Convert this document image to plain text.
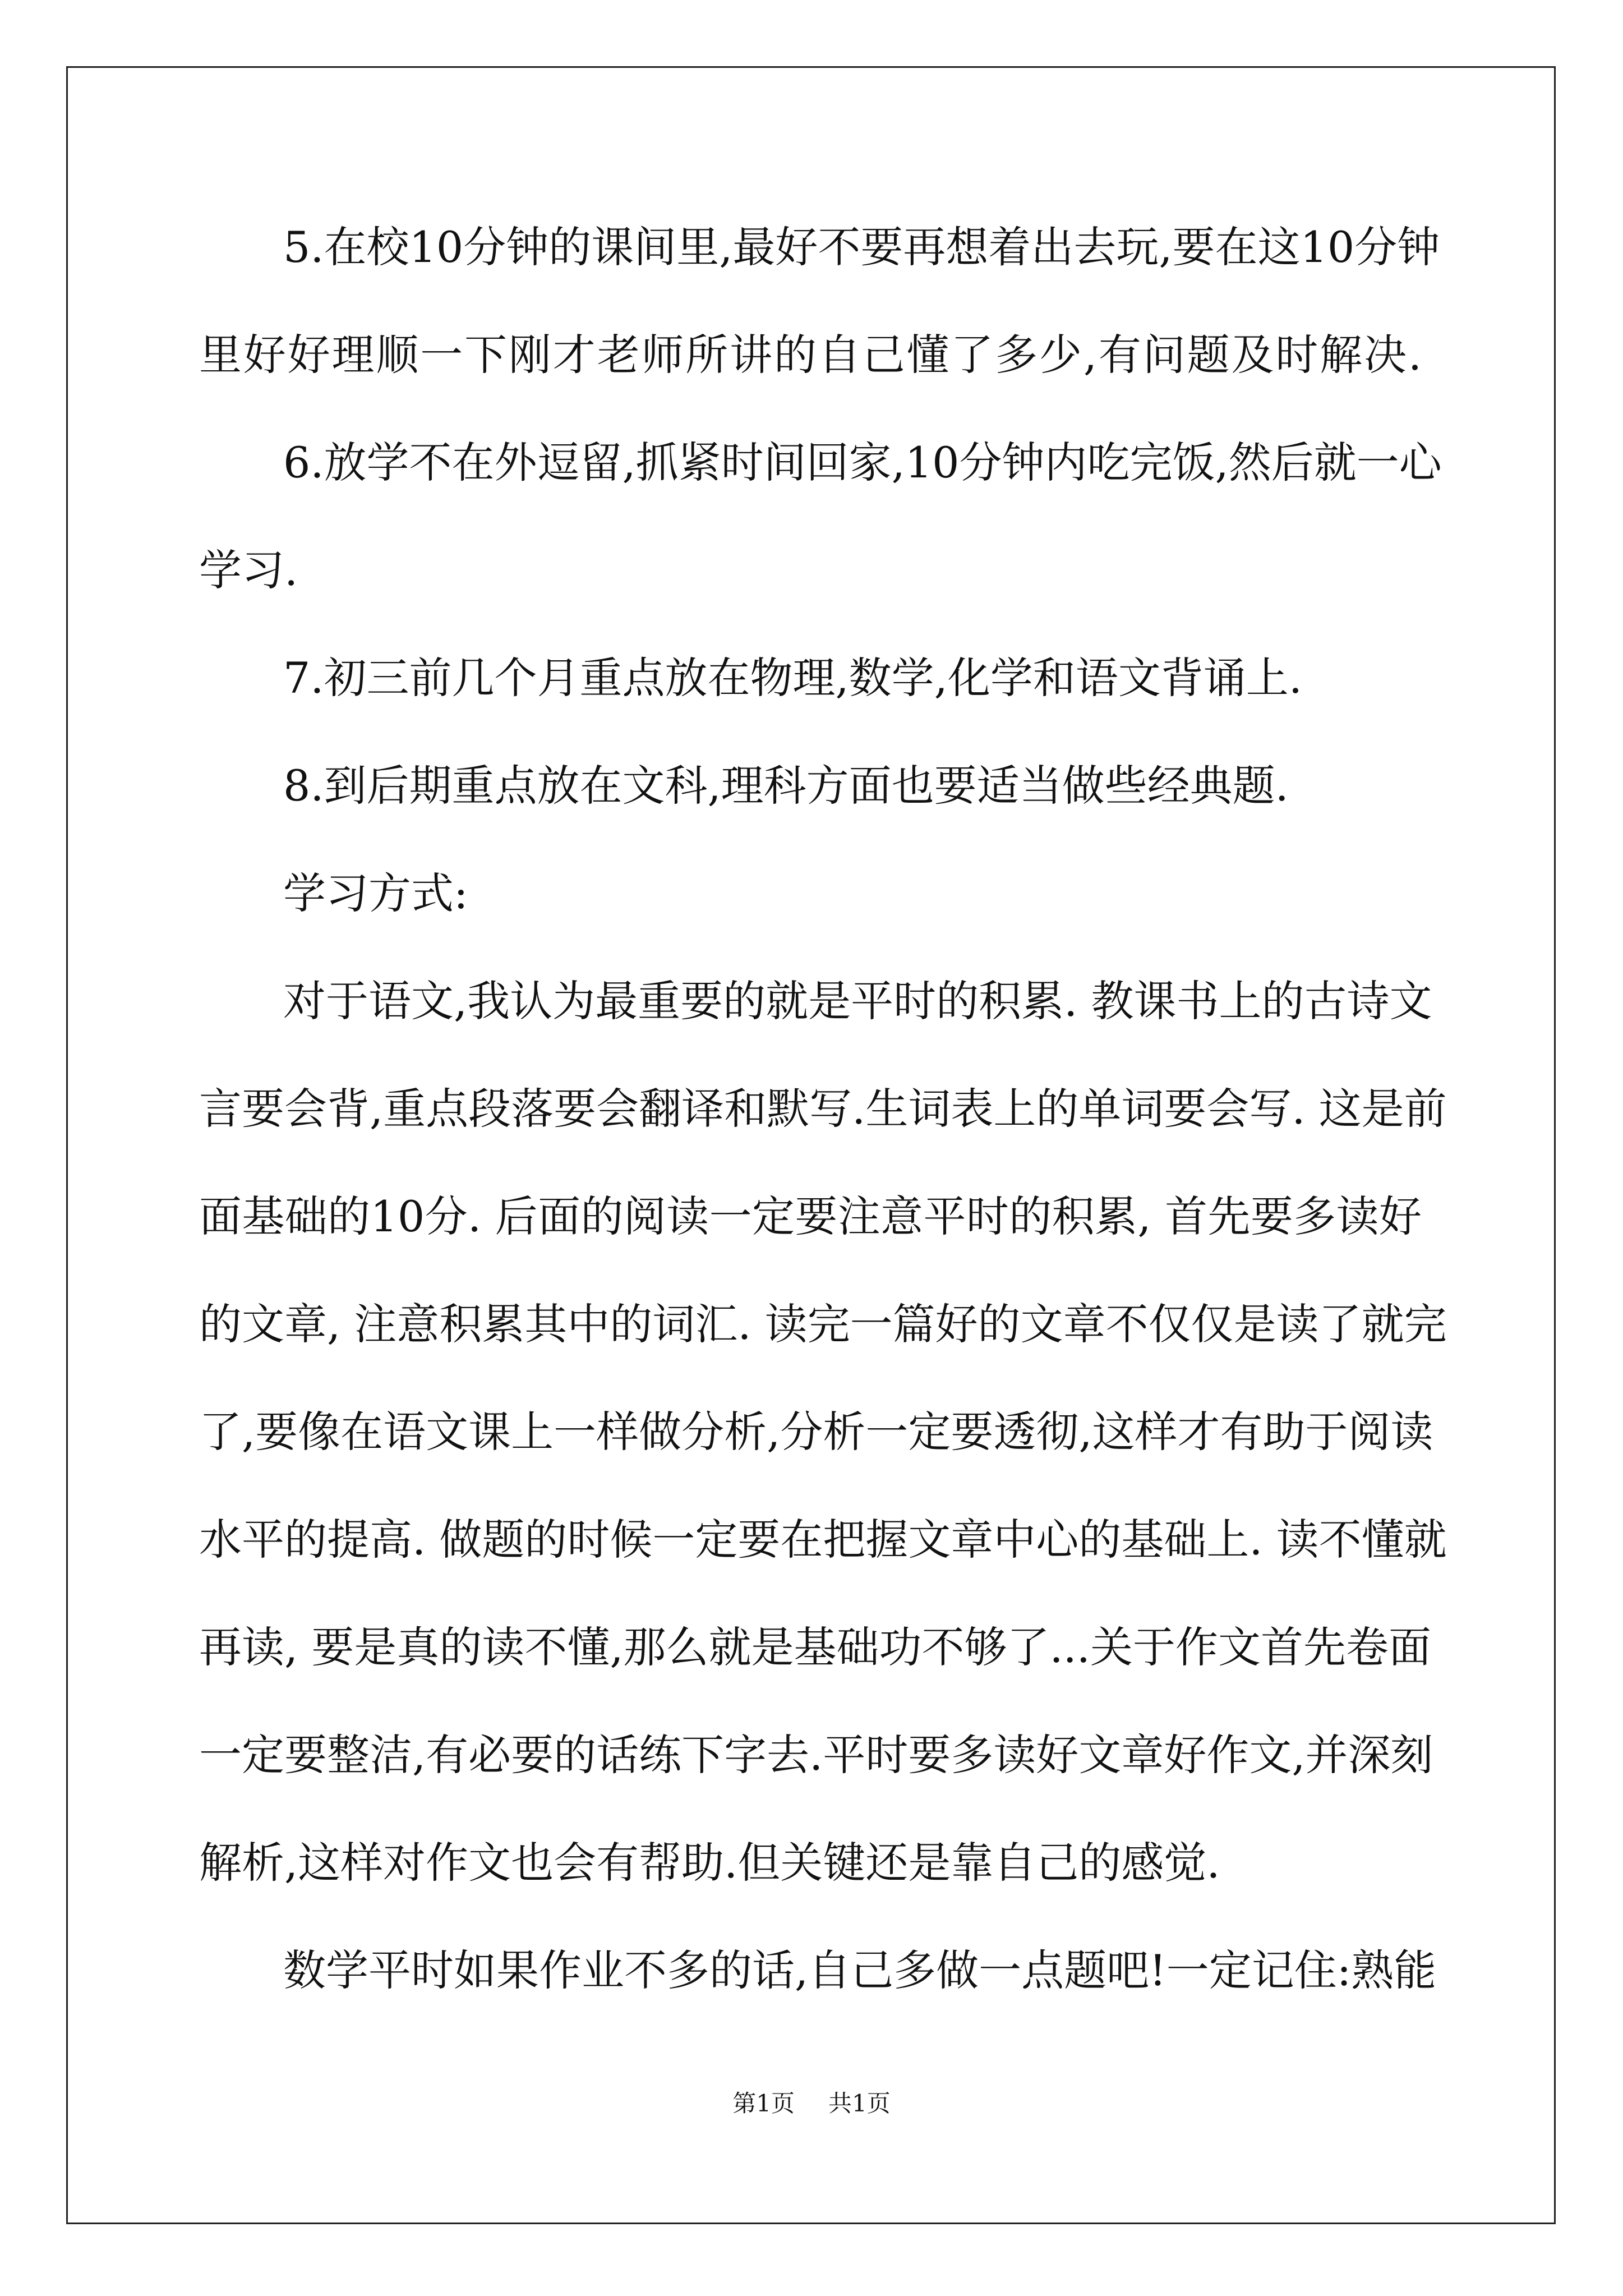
5.在校10分钟的课间里,最好不要再想着出去玩,要在这10分钟
里好好理顺一下刚才老师所讲的自己懂了多少,有问题及时解决.
6.放学不在外逗留,抓紧时间回家,10分钟内吃完饭,然后就一心
学习.
7.初三前几个月重点放在物理,数学,化学和语文背诵上.
8.到后期重点放在文科,理科方面也要适当做些经典题.
学习方式:
对于语文,我认为最重要的就是平时的积累. 教课书上的古诗文
言要会背,重点段落要会翻译和默写.生词表上的单词要会写. 这是前
面基础的10分. 后面的阅读一定要注意平时的积累, 首先要多读好
的文章, 注意积累其中的词汇. 读完一篇好的文章不仅仅是读了就完
了,要像在语文课上一样做分析,分析一定要透彻,这样才有助于阅读
水平的提高. 做题的时候一定要在把握文章中心的基础上. 读不懂就
再读, 要是真的读不懂,那么就是基础功不够了...关于作文首先卷面
一定要整洁,有必要的话练下字去.平时要多读好文章好作文,并深刻
解析,这样对作文也会有帮助.但关键还是靠自己的感觉.
数学平时如果作业不多的话,自己多做一点题吧!一定记住:熟能
第1页 共1页
